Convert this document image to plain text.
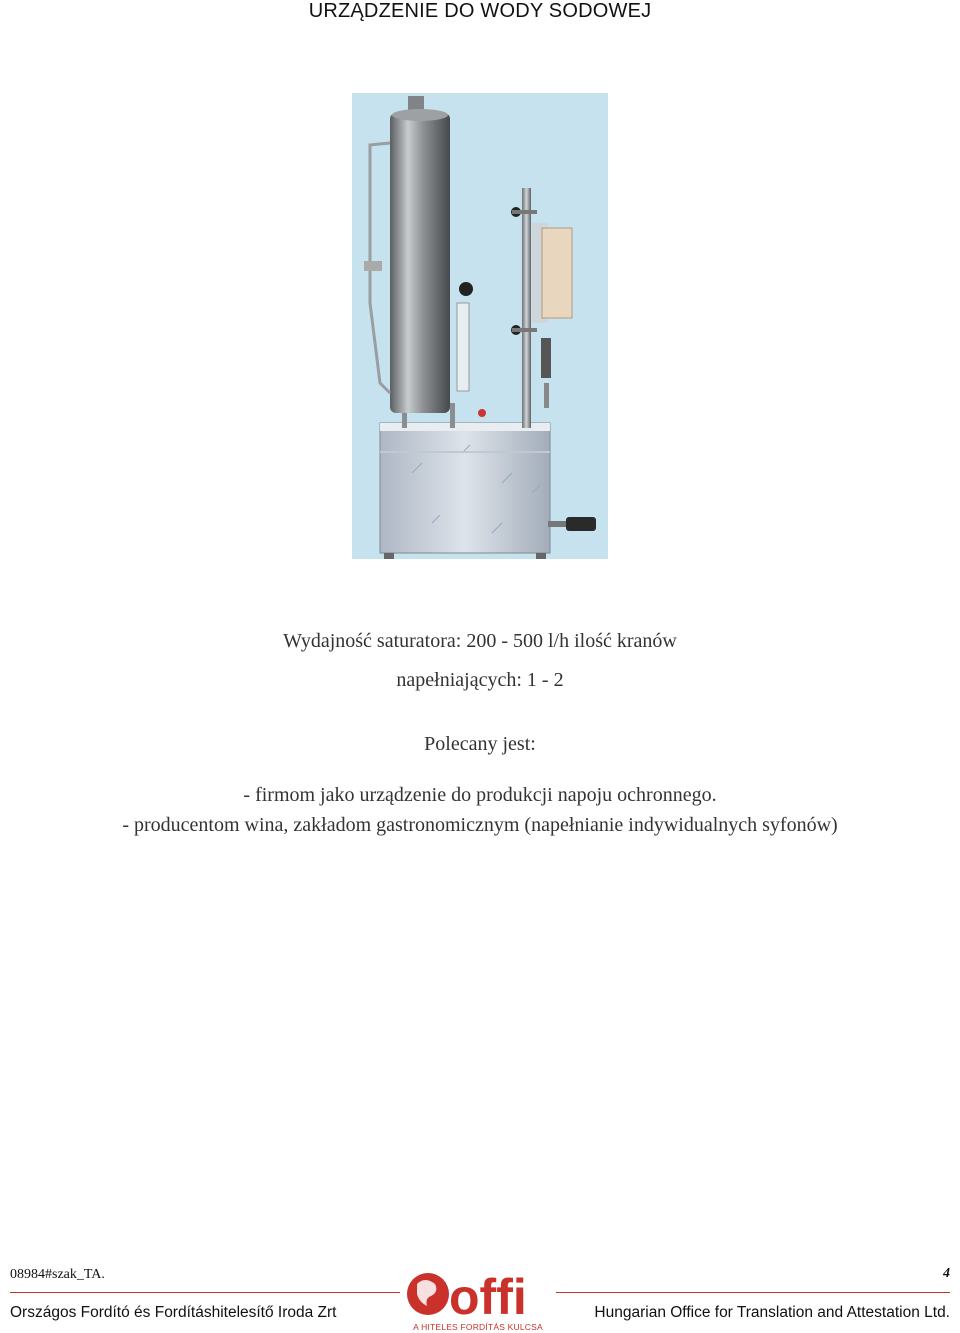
URZĄDZENIE DO WODY SODOWEJ
Wydajność saturatora: 200 - 500 l/h ilość kranów
napełniających: 1 - 2
Polecany jest:
- firmom jako urządzenie do produkcji napoju ochronnego.
- producentom wina, zakładom gastronomicznym (napełnianie indywidualnych syfonów)
08984#szak_TA.	4
Országos Fordító és Fordításhitelesítő Iroda Zrt	Hungarian Office for Translation and Attestation Ltd.
offi
A HITELES FORDÍTÁS KULCSA
